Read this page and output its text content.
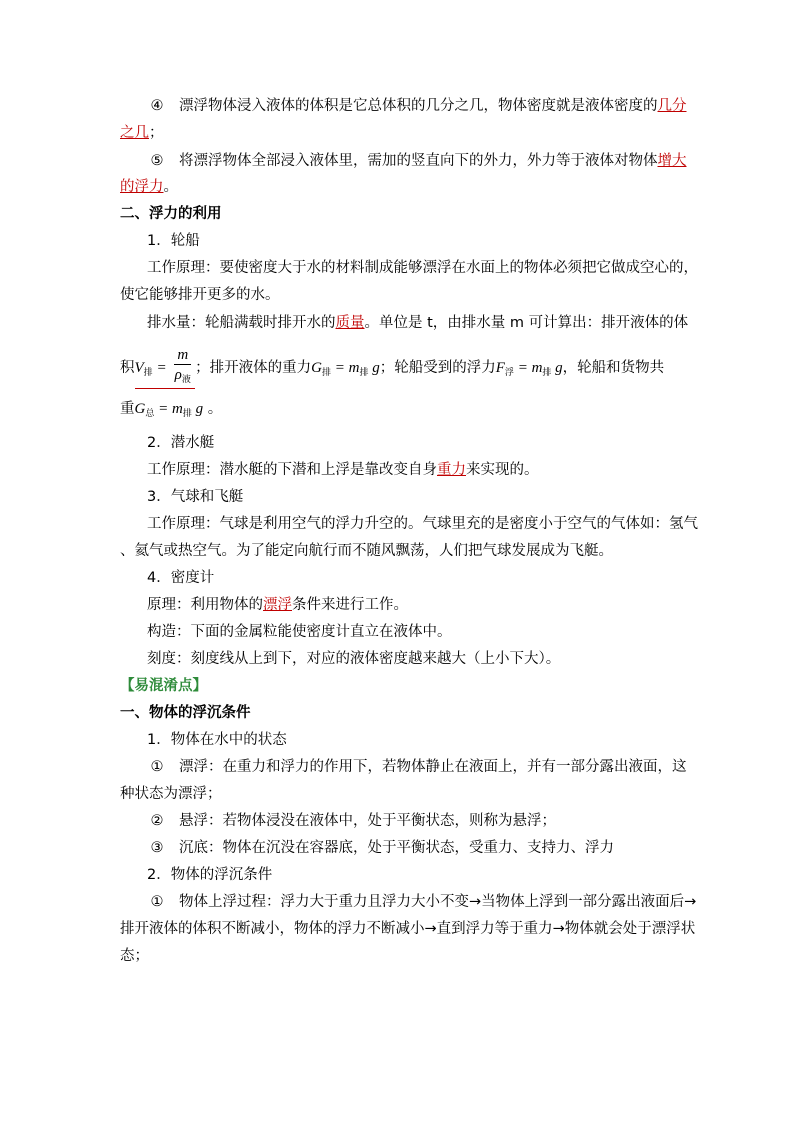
④ 漂浮物体浸入液体的体积是它总体积的几分之几，物体密度就是液体密度的几分
之几；
⑤ 将漂浮物体全部浸入液体里，需加的竖直向下的外力，外力等于液体对物体增大
的浮力。
二、浮力的利用
1．轮船
工作原理：要使密度大于水的材料制成能够漂浮在水面上的物体必须把它做成空心的，
使它能够排开更多的水。
排水量：轮船满载时排开水的质量。单位是 t，由排水量 m 可计算出：排开液体的体
积$V_排 = \frac{m}{\rho_液}$ ；排开液体的重力$G_排 = m_排$ g；轮船受到的浮力$F_浮 = m_排$ g，轮船和货物共
重$G_总 = m_排$ g 。
2．潜水艇
工作原理：潜水艇的下潜和上浮是靠改变自身重力来实现的。
3．气球和飞艇
工作原理：气球是利用空气的浮力升空的。气球里充的是密度小于空气的气体如：氢气
、氦气或热空气。为了能定向航行而不随风飘荡，人们把气球发展成为飞艇。
4．密度计
原理：利用物体的漂浮条件来进行工作。
构造：下面的金属粒能使密度计直立在液体中。
刻度：刻度线从上到下，对应的液体密度越来越大（上小下大）。
【易混淆点】
一、物体的浮沉条件
1．物体在水中的状态
① 漂浮：在重力和浮力的作用下，若物体静止在液面上，并有一部分露出液面，这
种状态为漂浮；
② 悬浮：若物体浸没在液体中，处于平衡状态，则称为悬浮；
③ 沉底：物体在沉没在容器底，处于平衡状态，受重力、支持力、浮力
2．物体的浮沉条件
① 物体上浮过程：浮力大于重力且浮力大小不变→当物体上浮到一部分露出液面后→
排开液体的体积不断减小，物体的浮力不断减小→直到浮力等于重力→物体就会处于漂浮状
态；
